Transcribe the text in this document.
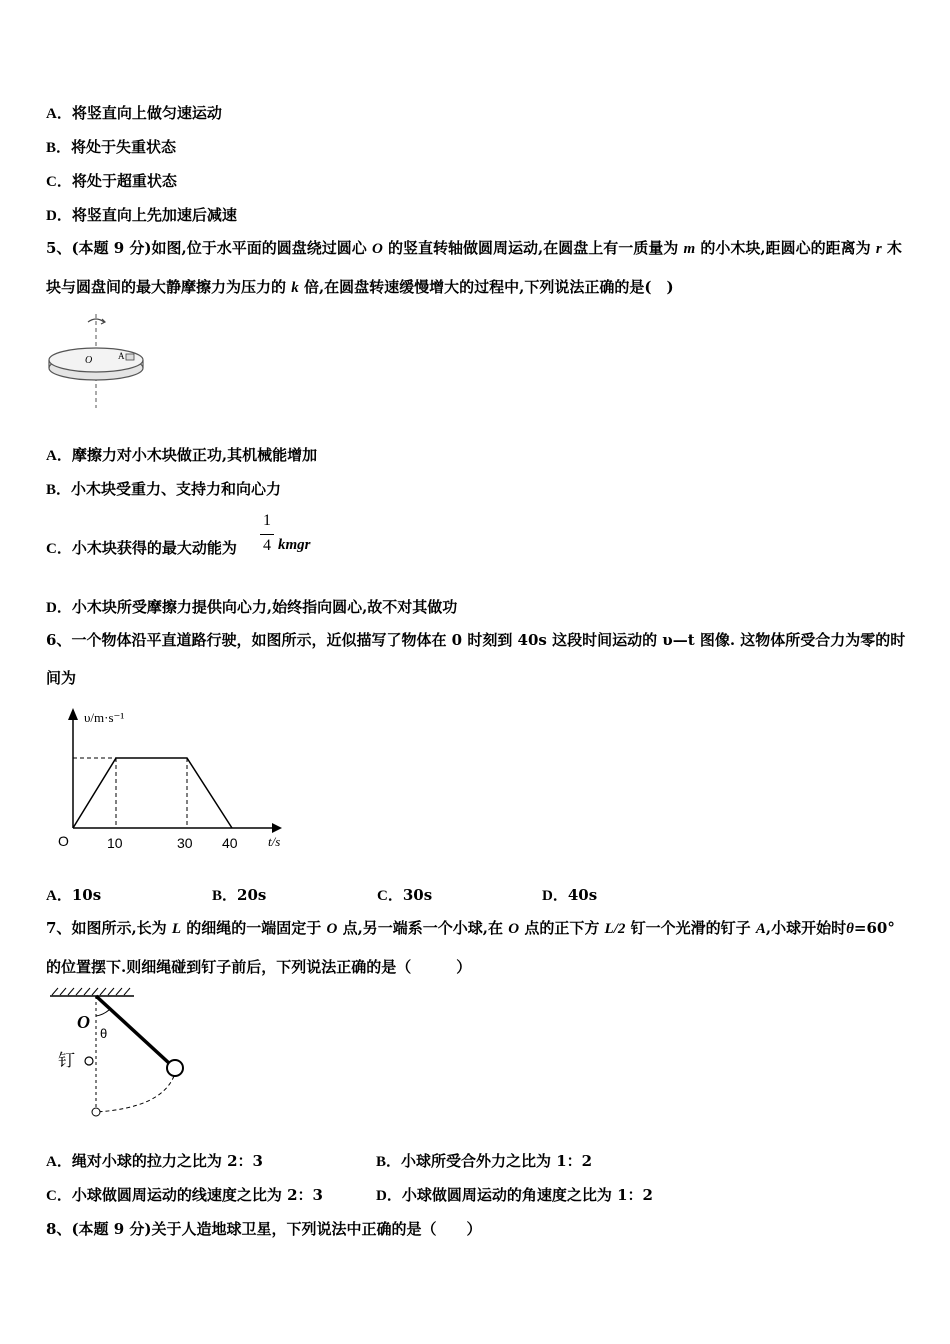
A．将竖直向上做匀速运动
B．将处于失重状态
C．将处于超重状态
D．将竖直向上先加速后减速
5、(本题 9 分)如图,位于水平面的圆盘绕过圆心 O 的竖直转轴做圆周运动,在圆盘上有一质量为 m 的小木块,距圆心的距离为 r 木块与圆盘间的最大静摩擦力为压力的 k 倍,在圆盘转速缓慢增大的过程中,下列说法正确的是(　)
O	A
A．摩擦力对小木块做正功,其机械能增加
B．小木块受重力、支持力和向心力
C．小木块获得的最大动能为
1
4 kmgr
D．小木块所受摩擦力提供向心力,始终指向圆心,故不对其做功
6、一个物体沿平直道路行驶，如图所示，近似描写了物体在 0 时刻到 40s 这段时间运动的 υ—t 图像. 这物体所受合力为零的时间为
υ/m·s⁻¹
t/s
O	10	30 40
A．10s	B．20s	C．30s	D．40s
7、如图所示,长为 L 的细绳的一端固定于 O 点,另一端系一个小球,在 O 点的正下方 L/2 钉一个光滑的钉子 A,小球开始时θ=60°的位置摆下.则细绳碰到钉子前后，下列说法正确的是（　　　）
θ
O
钉
A．绳对小球的拉力之比为 2：3	B．小球所受合外力之比为 1：2
C．小球做圆周运动的线速度之比为 2：3	D．小球做圆周运动的角速度之比为 1：2
8、(本题 9 分)关于人造地球卫星，下列说法中正确的是（　　）
